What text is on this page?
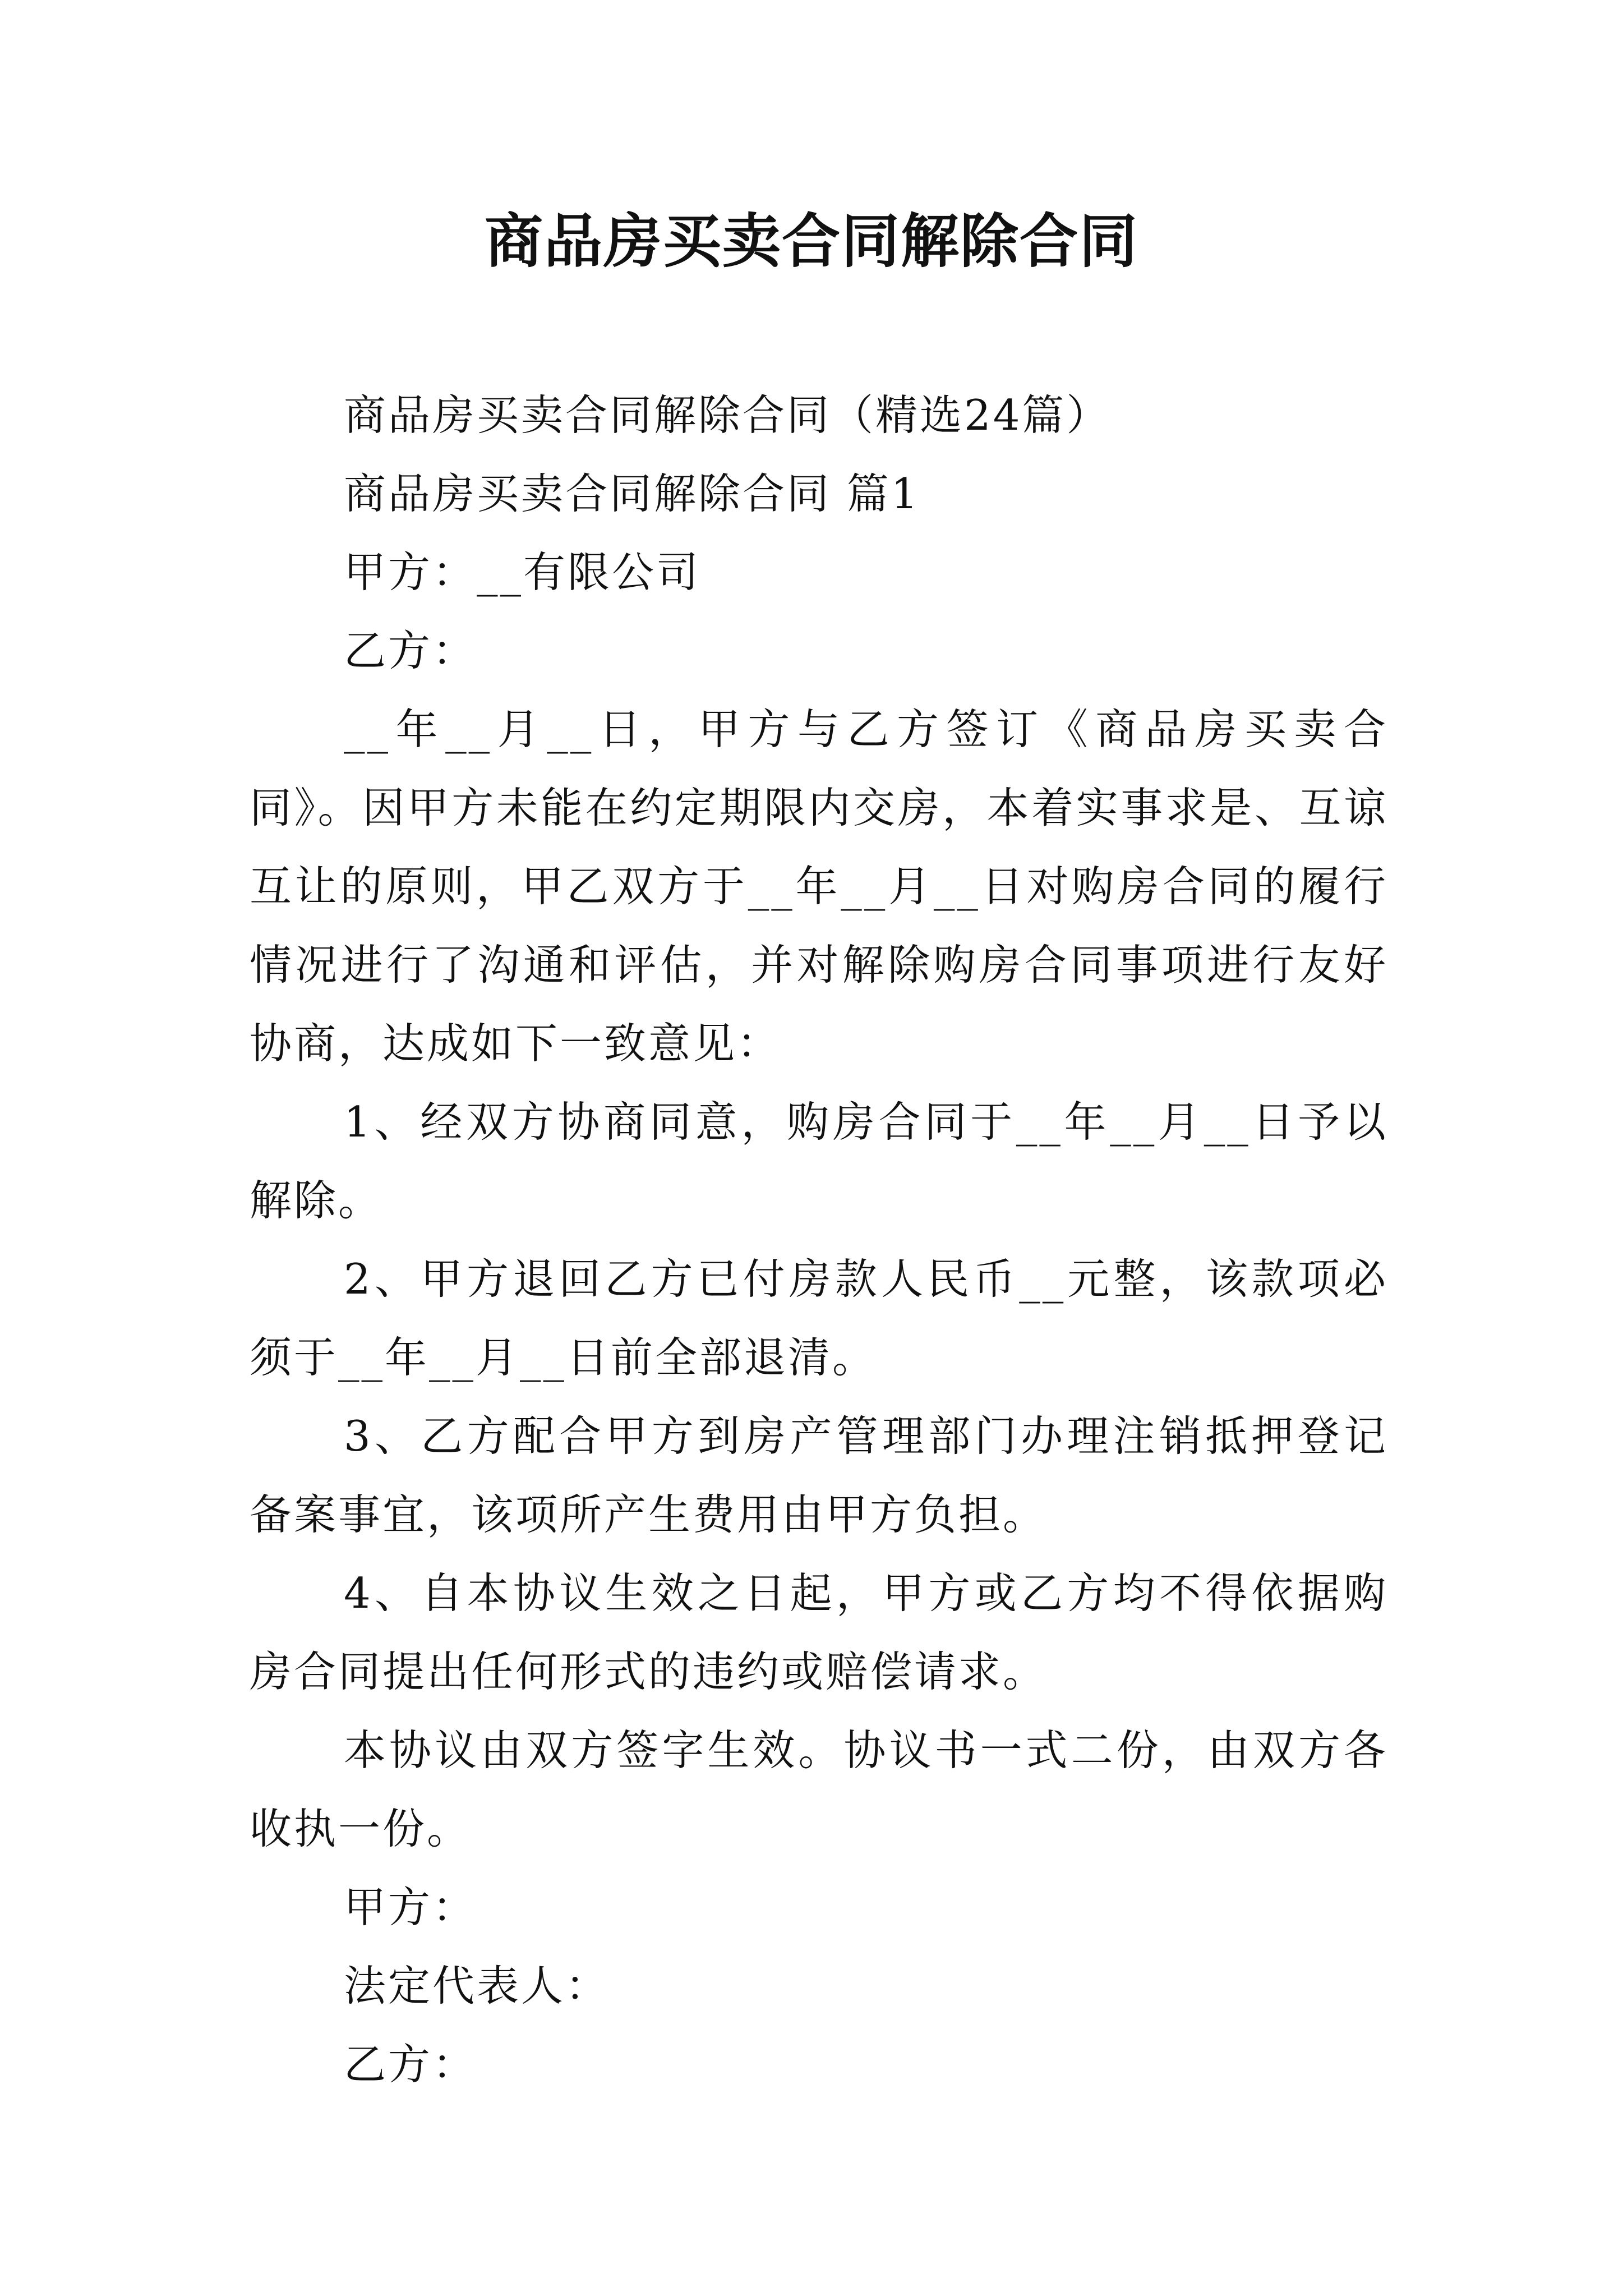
商品房买卖合同解除合同

商品房买卖合同解除合同（精选24篇）

商品房买卖合同解除合同 篇1

甲方：__有限公司

乙方：

__年__月__日，甲方与乙方签订《商品房买卖合同》。因甲方未能在约定期限内交房，本着实事求是、互谅互让的原则，甲乙双方于__年__月__日对购房合同的履行情况进行了沟通和评估，并对解除购房合同事项进行友好协商，达成如下一致意见：

1、经双方协商同意，购房合同于__年__月__日予以解除。

2、甲方退回乙方已付房款人民币__元整，该款项必须于__年__月__日前全部退清。

3、乙方配合甲方到房产管理部门办理注销抵押登记备案事宜，该项所产生费用由甲方负担。

4、自本协议生效之日起，甲方或乙方均不得依据购房合同提出任何形式的违约或赔偿请求。

本协议由双方签字生效。协议书一式二份，由双方各收执一份。

甲方：

法定代表人：

乙方：
